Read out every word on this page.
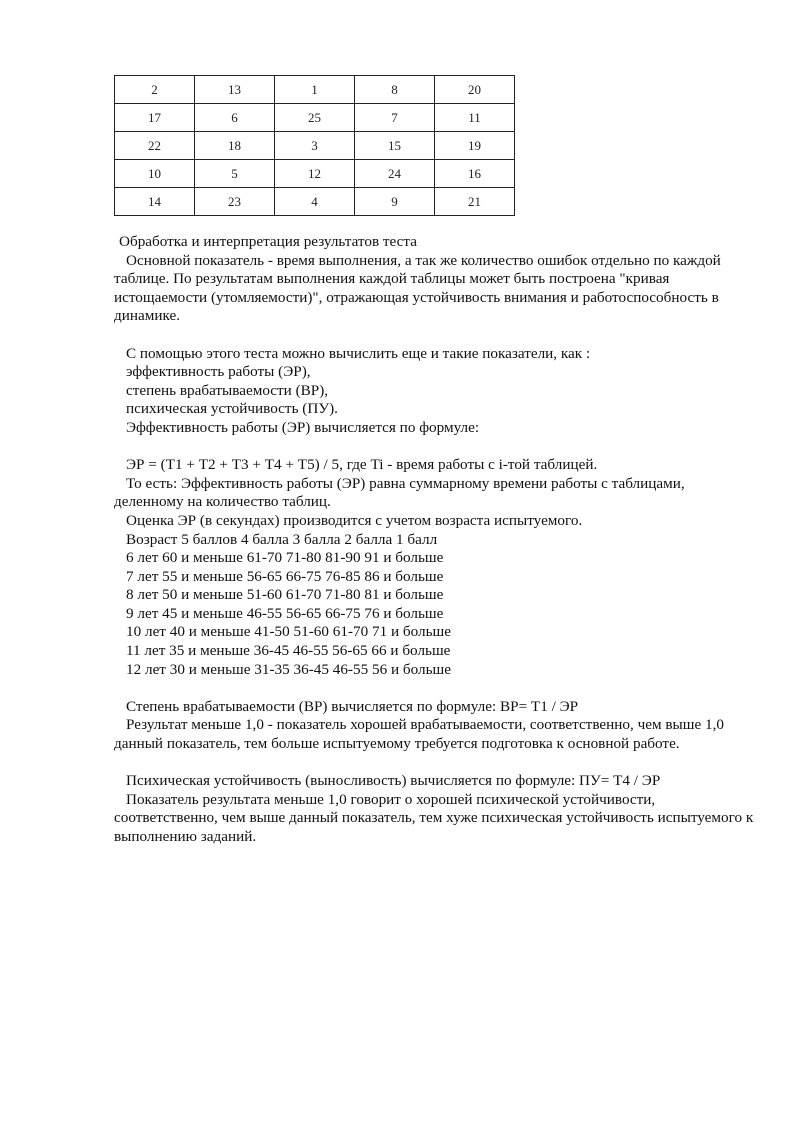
2	13	1	8	20
17	6	25	7	11
22	18	3	15	19
10	5	12	24	16
14	23	4	9	21

Обработка и интерпретация результатов теста

Основной показатель - время выполнения, а так же количество ошибок отдельно по каждой таблице. По результатам выполнения каждой таблицы может быть построена "кривая истощаемости (утомляемости)", отражающая устойчивость внимания и работоспособность в динамике.

С помощью этого теста можно вычислить еще и такие показатели, как :

эффективность работы (ЭР),

степень врабатываемости (ВР),

психическая устойчивость (ПУ).

Эффективность работы (ЭР) вычисляется по формуле:

ЭР = (Т1 + Т2 + Т3 + Т4 + Т5) / 5, где Ti - время работы с i-той таблицей.

То есть: Эффективность работы (ЭР) равна суммарному времени работы с таблицами, деленному на количество таблиц.

Оценка ЭР (в секундах) производится с учетом возраста испытуемого.

Возраст 5 баллов 4 балла 3 балла 2 балла 1 балл

6 лет 60 и меньше 61-70 71-80 81-90 91 и больше

7 лет 55 и меньше 56-65 66-75 76-85 86 и больше

8 лет 50 и меньше 51-60 61-70 71-80 81 и больше

9 лет 45 и меньше 46-55 56-65 66-75 76 и больше

10 лет 40 и меньше 41-50 51-60 61-70 71 и больше

11 лет 35 и меньше 36-45 46-55 56-65 66 и больше

12 лет 30 и меньше 31-35 36-45 46-55 56 и больше

Степень врабатываемости (ВР) вычисляется по формуле: ВР= Т1 / ЭР

Результат меньше 1,0 - показатель хорошей врабатываемости, соответственно, чем выше 1,0 данный показатель, тем больше испытуемому требуется подготовка к основной работе.

Психическая устойчивость (выносливость) вычисляется по формуле: ПУ= Т4 / ЭР

Показатель результата меньше 1,0 говорит о хорошей психической устойчивости, соответственно, чем выше данный показатель, тем хуже психическая устойчивость испытуемого к выполнению заданий.
